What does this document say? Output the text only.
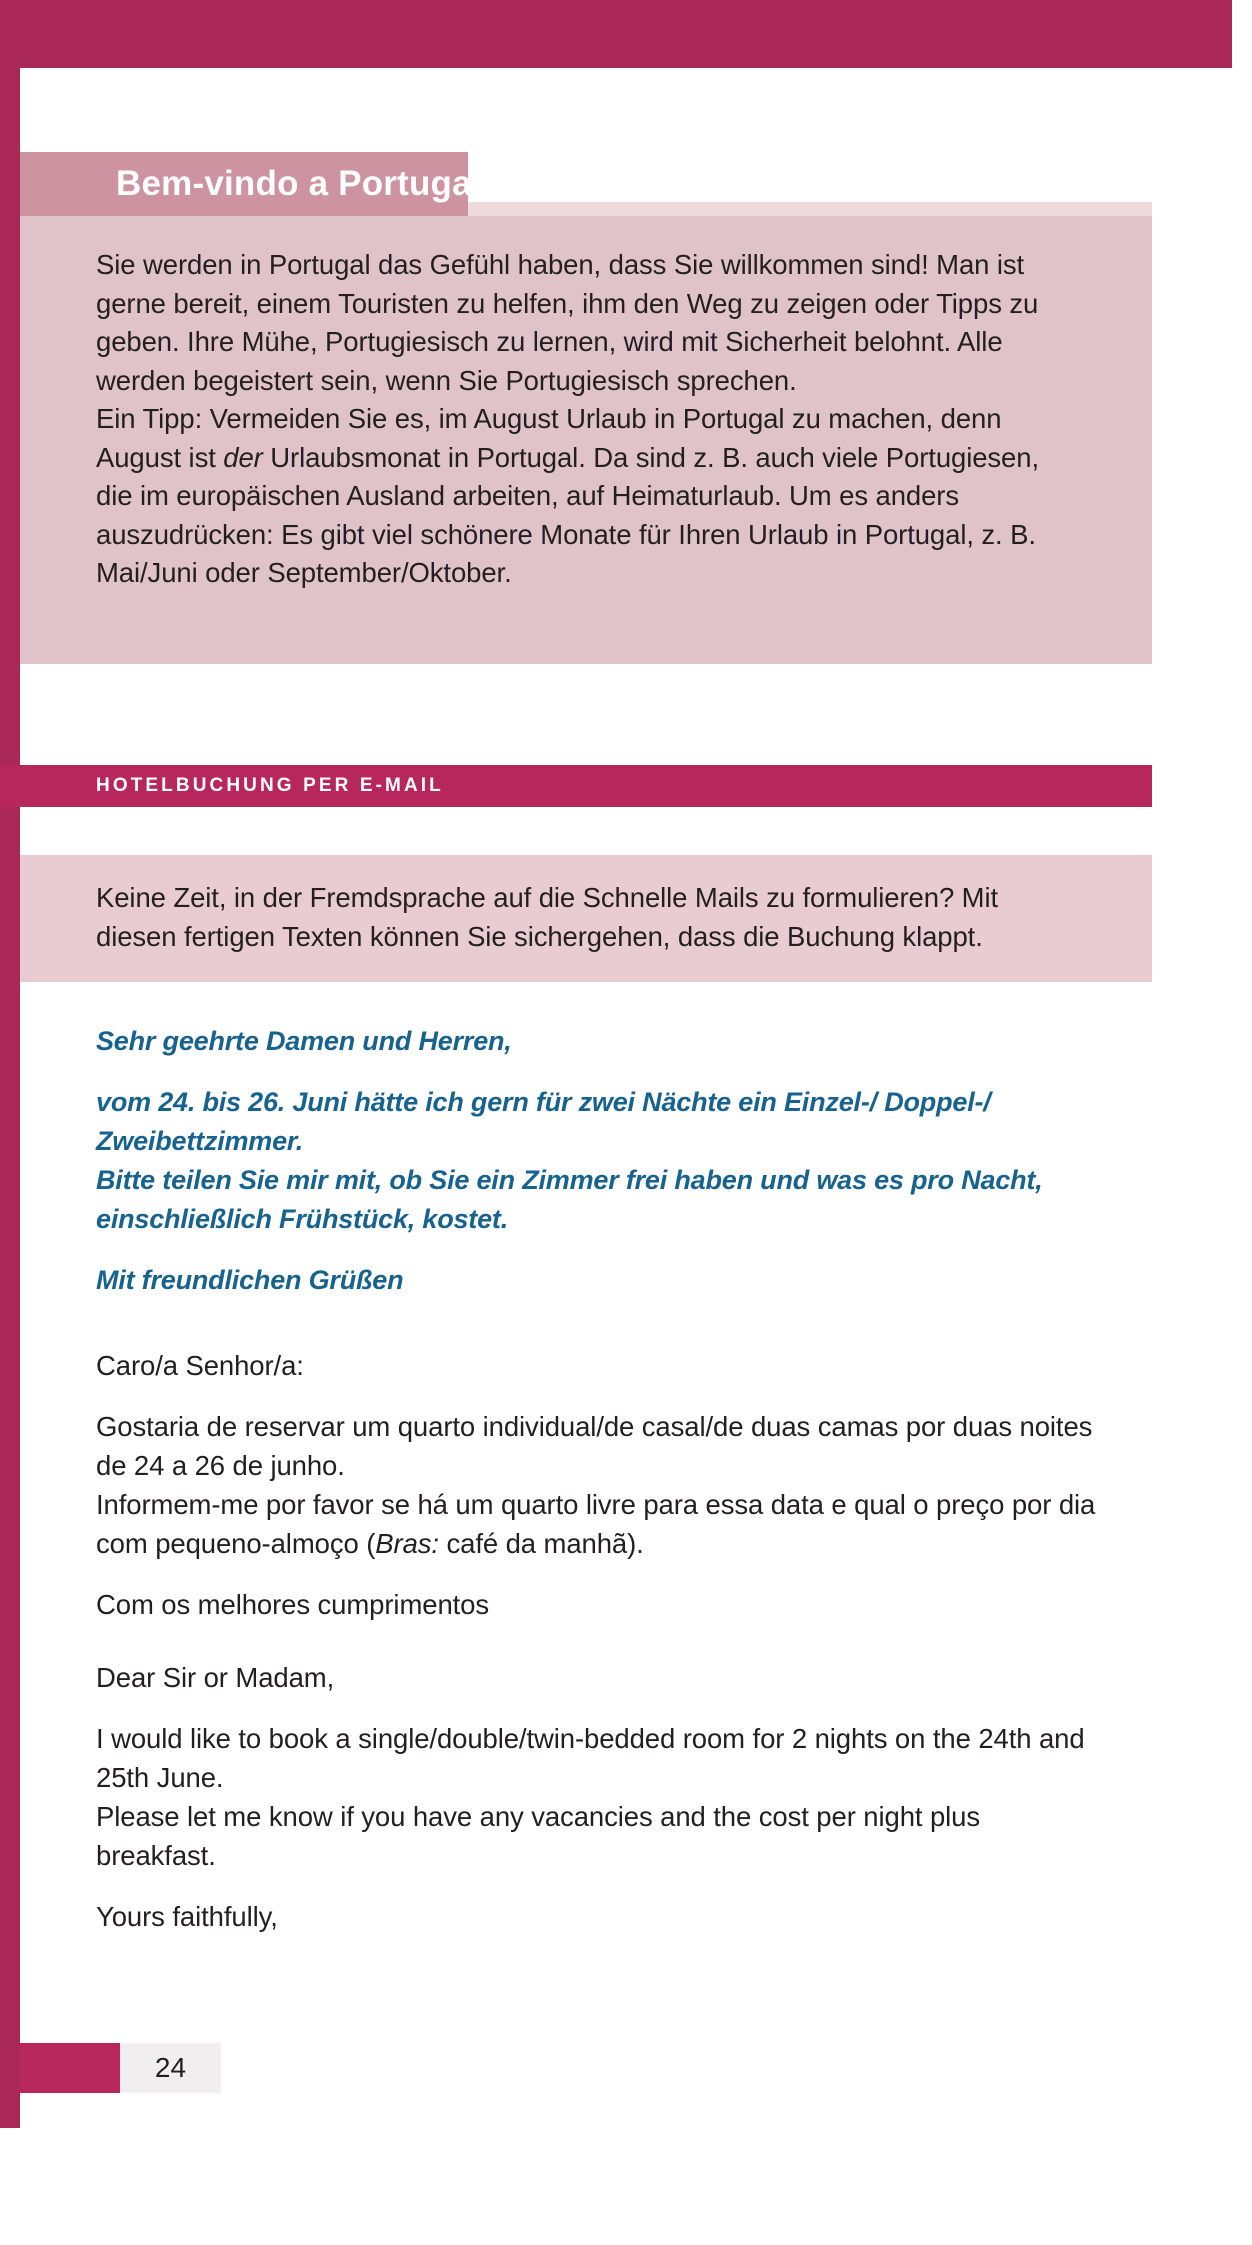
Bem-vindo a Portugal!

Sie werden in Portugal das Gefühl haben, dass Sie willkommen sind! Man ist gerne bereit, einem Touristen zu helfen, ihm den Weg zu zeigen oder Tipps zu geben. Ihre Mühe, Portugiesisch zu lernen, wird mit Sicherheit belohnt. Alle werden begeistert sein, wenn Sie Portugiesisch sprechen.

Ein Tipp: Vermeiden Sie es, im August Urlaub in Portugal zu machen, denn August ist der Urlaubsmonat in Portugal. Da sind z. B. auch viele Portugiesen, die im europäischen Ausland arbeiten, auf Heimaturlaub. Um es anders auszudrücken: Es gibt viel schönere Monate für Ihren Urlaub in Portugal, z. B. Mai/Juni oder September/Oktober.

HOTELBUCHUNG PER E-MAIL

Keine Zeit, in der Fremdsprache auf die Schnelle Mails zu formulieren? Mit diesen fertigen Texten können Sie sichergehen, dass die Buchung klappt.

Sehr geehrte Damen und Herren,

vom 24. bis 26. Juni hätte ich gern für zwei Nächte ein Einzel-/ Doppel-/ Zweibettzimmer.

Bitte teilen Sie mir mit, ob Sie ein Zimmer frei haben und was es pro Nacht, einschließlich Frühstück, kostet.

Mit freundlichen Grüßen

Caro/a Senhor/a:

Gostaria de reservar um quarto individual/de casal/de duas camas por duas noites de 24 a 26 de junho.

Informem-me por favor se há um quarto livre para essa data e qual o preço por dia com pequeno-almoço (Bras: café da manhã).

Com os melhores cumprimentos

Dear Sir or Madam,

I would like to book a single/double/twin-bedded room for 2 nights on the 24th and 25th June.

Please let me know if you have any vacancies and the cost per night plus breakfast.

Yours faithfully,

24
